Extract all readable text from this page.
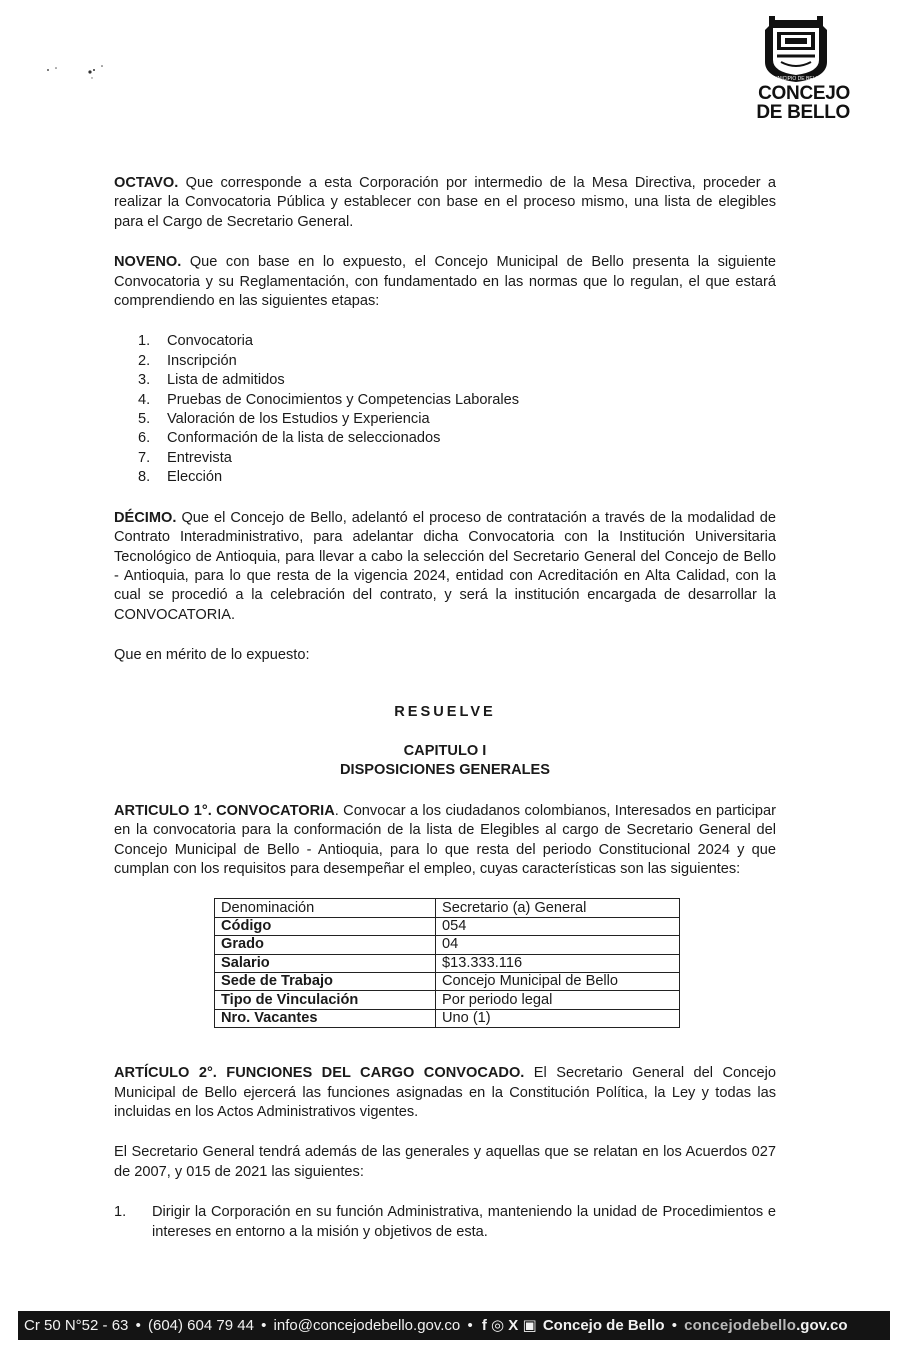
MUNICIPIO DE BELLO
CONCEJO
DE BELLO

OCTAVO. Que corresponde a esta Corporación por intermedio de la Mesa Directiva, proceder a realizar la Convocatoria Pública y establecer con base en el proceso mismo, una lista de elegibles para el Cargo de Secretario General.

NOVENO. Que con base en lo expuesto, el Concejo Municipal de Bello presenta la siguiente Convocatoria y su Reglamentación, con fundamentado en las normas que lo regulan, el que estará comprendiendo en las siguientes etapas:

1. Convocatoria
2. Inscripción
3. Lista de admitidos
4. Pruebas de Conocimientos y Competencias Laborales
5. Valoración de los Estudios y Experiencia
6. Conformación de la lista de seleccionados
7. Entrevista
8. Elección

DÉCIMO. Que el Concejo de Bello, adelantó el proceso de contratación a través de la modalidad de Contrato Interadministrativo, para adelantar dicha Convocatoria con la Institución Universitaria Tecnológico de Antioquia, para llevar a cabo la selección del Secretario General del Concejo de Bello - Antioquia, para lo que resta de la vigencia 2024, entidad con Acreditación en Alta Calidad, con la cual se procedió a la celebración del contrato, y será la institución encargada de desarrollar la CONVOCATORIA.

Que en mérito de lo expuesto:

RESUELVE

CAPITULO I

DISPOSICIONES GENERALES

ARTICULO 1°. CONVOCATORIA. Convocar a los ciudadanos colombianos, Interesados en participar en la convocatoria para la conformación de la lista de Elegibles al cargo de Secretario General del Concejo Municipal de Bello - Antioquia, para lo que resta del periodo Constitucional 2024 y que cumplan con los requisitos para desempeñar el empleo, cuyas características son las siguientes:

Denominación	Secretario (a) General
Código	054
Grado	04
Salario	$13.333.116
Sede de Trabajo	Concejo Municipal de Bello
Tipo de Vinculación	Por periodo legal
Nro. Vacantes	Uno (1)

ARTÍCULO 2°. FUNCIONES DEL CARGO CONVOCADO. El Secretario General del Concejo Municipal de Bello ejercerá las funciones asignadas en la Constitución Política, la Ley y todas las incluidas en los Actos Administrativos vigentes.

El Secretario General tendrá además de las generales y aquellas que se relatan en los Acuerdos 027 de 2007, y 015 de 2021 las siguientes:

1.	Dirigir la Corporación en su función Administrativa, manteniendo la unidad de Procedimientos e intereses en entorno a la misión y objetivos de esta.
Cr 50 N°52 - 63 • (604) 604 79 44 • info@concejodebello.gov.co • f ◎ X ▣ Concejo de Bello • concejodebello.gov.co
